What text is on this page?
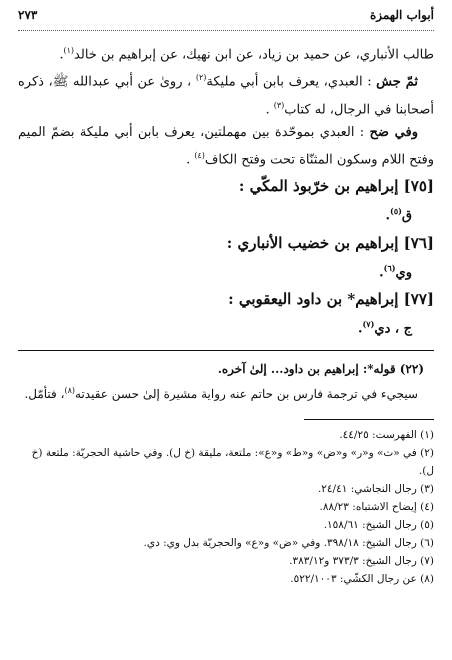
أبواب الهمزة
٢٧٣

طالب الأنباري، عن حميد بن زياد، عن ابن نهيك، عن إبراهيم بن خالد$^{(١)}$.

ثمّ جش : العبدي، يعرف بابن أبي مليكة$^{(٢)}$ ، روىٰ عن أبي عبدالله ﷺ، ذكره أصحابنا في الرجال، له كتاب$^{(٣)}$ .

وفي ضح : العبدي بموحّدة بين مهملتين، يعرف بابن أبي مليكة بضمّ الميم وفتح اللام وسكون المثنّاة تحت وفتح الكاف$^{(٤)}$ .

[٧٥] إبراهيم بن خرّبوذ المكّي :
ق$^{(٥)}$.
[٧٦] إبراهيم بن خضيب الأنباري :
وي$^{(٦)}$.
[٧٧] إبراهيم* بن داود اليعقوبي :
ج ، دي$^{(٧)}$.

(٢٢) قوله*: إبراهيم بن داود... إلىٰ آخره.

سيجيء في ترجمة فارس بن حاتم عنه رواية مشيرة إلىٰ حسن عقيدته$^{(٨)}$، فتأمّل.

(١) الفهرست: ٤٤/٢٥.
(٢) في «ت» و«ر» و«ض» و«ط» و«ع»: ملتعة، مليقة (خ ل). وفي حاشية الحجريّة: ملتعة (خ ل).
(٣) رجال النجاشي: ٢٤/٤١.
(٤) إيضاح الاشتباه: ٨٨/٢٣.
(٥) رجال الشيخ: ١٥٨/٦١.
(٦) رجال الشيخ: ٣٩٨/١٨. وفي «ض» و«ع» والحجريّة بدل وي: دي.
(٧) رجال الشيخ: ٣٧٣/٣ و٣٨٣/١٢.
(٨) عن رجال الكشّي: ٥٢٢/١٠٠٣.
